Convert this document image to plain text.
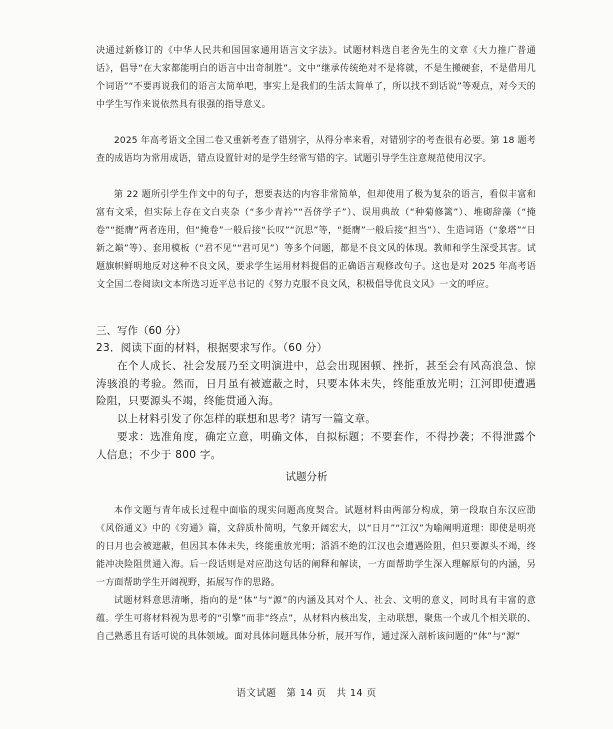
决通过新修订的《中华人民共和国国家通用语言文字法》。试题材料选自老舍先生的文章《大力推广普通话》，倡导“在大家都能明白的语言中出奇制胜”。文中“继承传统绝对不是将就，不是生搬硬套，不是借用几个词语”“不要再说我们的语言太简单吧，事实上是我们的生活太简单了，所以找不到话说”等观点，对今天的中学生写作来说依然具有很强的指导意义。

2025 年高考语文全国二卷又重新考查了错别字，从得分率来看，对错别字的考查很有必要。第 18 题考查的成语均为常用成语，错点设置针对的是学生经常写错的字。试题引导学生注意规范使用汉字。

第 22 题所引学生作文中的句子，想要表达的内容非常简单，但却使用了极为复杂的语言，看似丰富和富有文采，但实际上存在文白夹杂（“多少青衿”“吾侪学子”）、误用典故（“种菊修篱”）、堆砌辞藻（“掩卷”“挺膺”两者连用，但“掩卷”一般后接“长叹”“沉思”等，“挺膺”一般后接“担当”）、生造词语（“象塔”“日新之巅”等）、套用模板（“君不见”“君可见”）等多个问题，都是不良文风的体现。教师和学生深受其害。试题旗帜鲜明地反对这种不良文风，要求学生运用材料提倡的正确语言观修改句子。这也是对 2025 年高考语文全国二卷阅读Ⅰ文本所选习近平总书记的《努力克服不良文风，积极倡导优良文风》一文的呼应。

三、写作（60 分）

23．阅读下面的材料，根据要求写作。（60 分）

在个人成长、社会发展乃至文明演进中，总会出现困顿、挫折，甚至会有风高浪急、惊涛骇浪的考验。然而，日月虽有被遮蔽之时，只要本体未失，终能重放光明；江河即使遭遇险阻，只要源头不竭，终能贯通入海。

以上材料引发了你怎样的联想和思考？请写一篇文章。

要求：选准角度，确定立意，明确文体，自拟标题；不要套作，不得抄袭；不得泄露个人信息；不少于 800 字。

试题分析

本作文题与青年成长过程中面临的现实问题高度契合。试题材料由两部分构成，第一段取自东汉应劭《风俗通义》中的《穷通》篇，文辞质朴简明，气象开阔宏大，以“日月”“江汉”为喻阐明道理：即使是明亮的日月也会被遮蔽，但因其本体未失，终能重放光明；滔滔不绝的江汉也会遭遇险阻，但只要源头不竭，终能冲决险阻贯通入海。后一段话则是对应劭这句话的阐释和解读，一方面帮助学生深入理解原句的内涵，另一方面帮助学生开阔视野，拓展写作的思路。

试题材料意思清晰，指向的是“体”与“源”的内涵及其对个人、社会、文明的意义，同时具有丰富的意蕴。学生可将材料视为思考的“引擎”而非“终点”，从材料内核出发，主动联想，聚焦一个或几个相关联的、自己熟悉且有话可说的具体领域。面对具体问题具体分析，展开写作，通过深入剖析该问题的“体”与“源”

语文试题　第 14 页　共 14 页
